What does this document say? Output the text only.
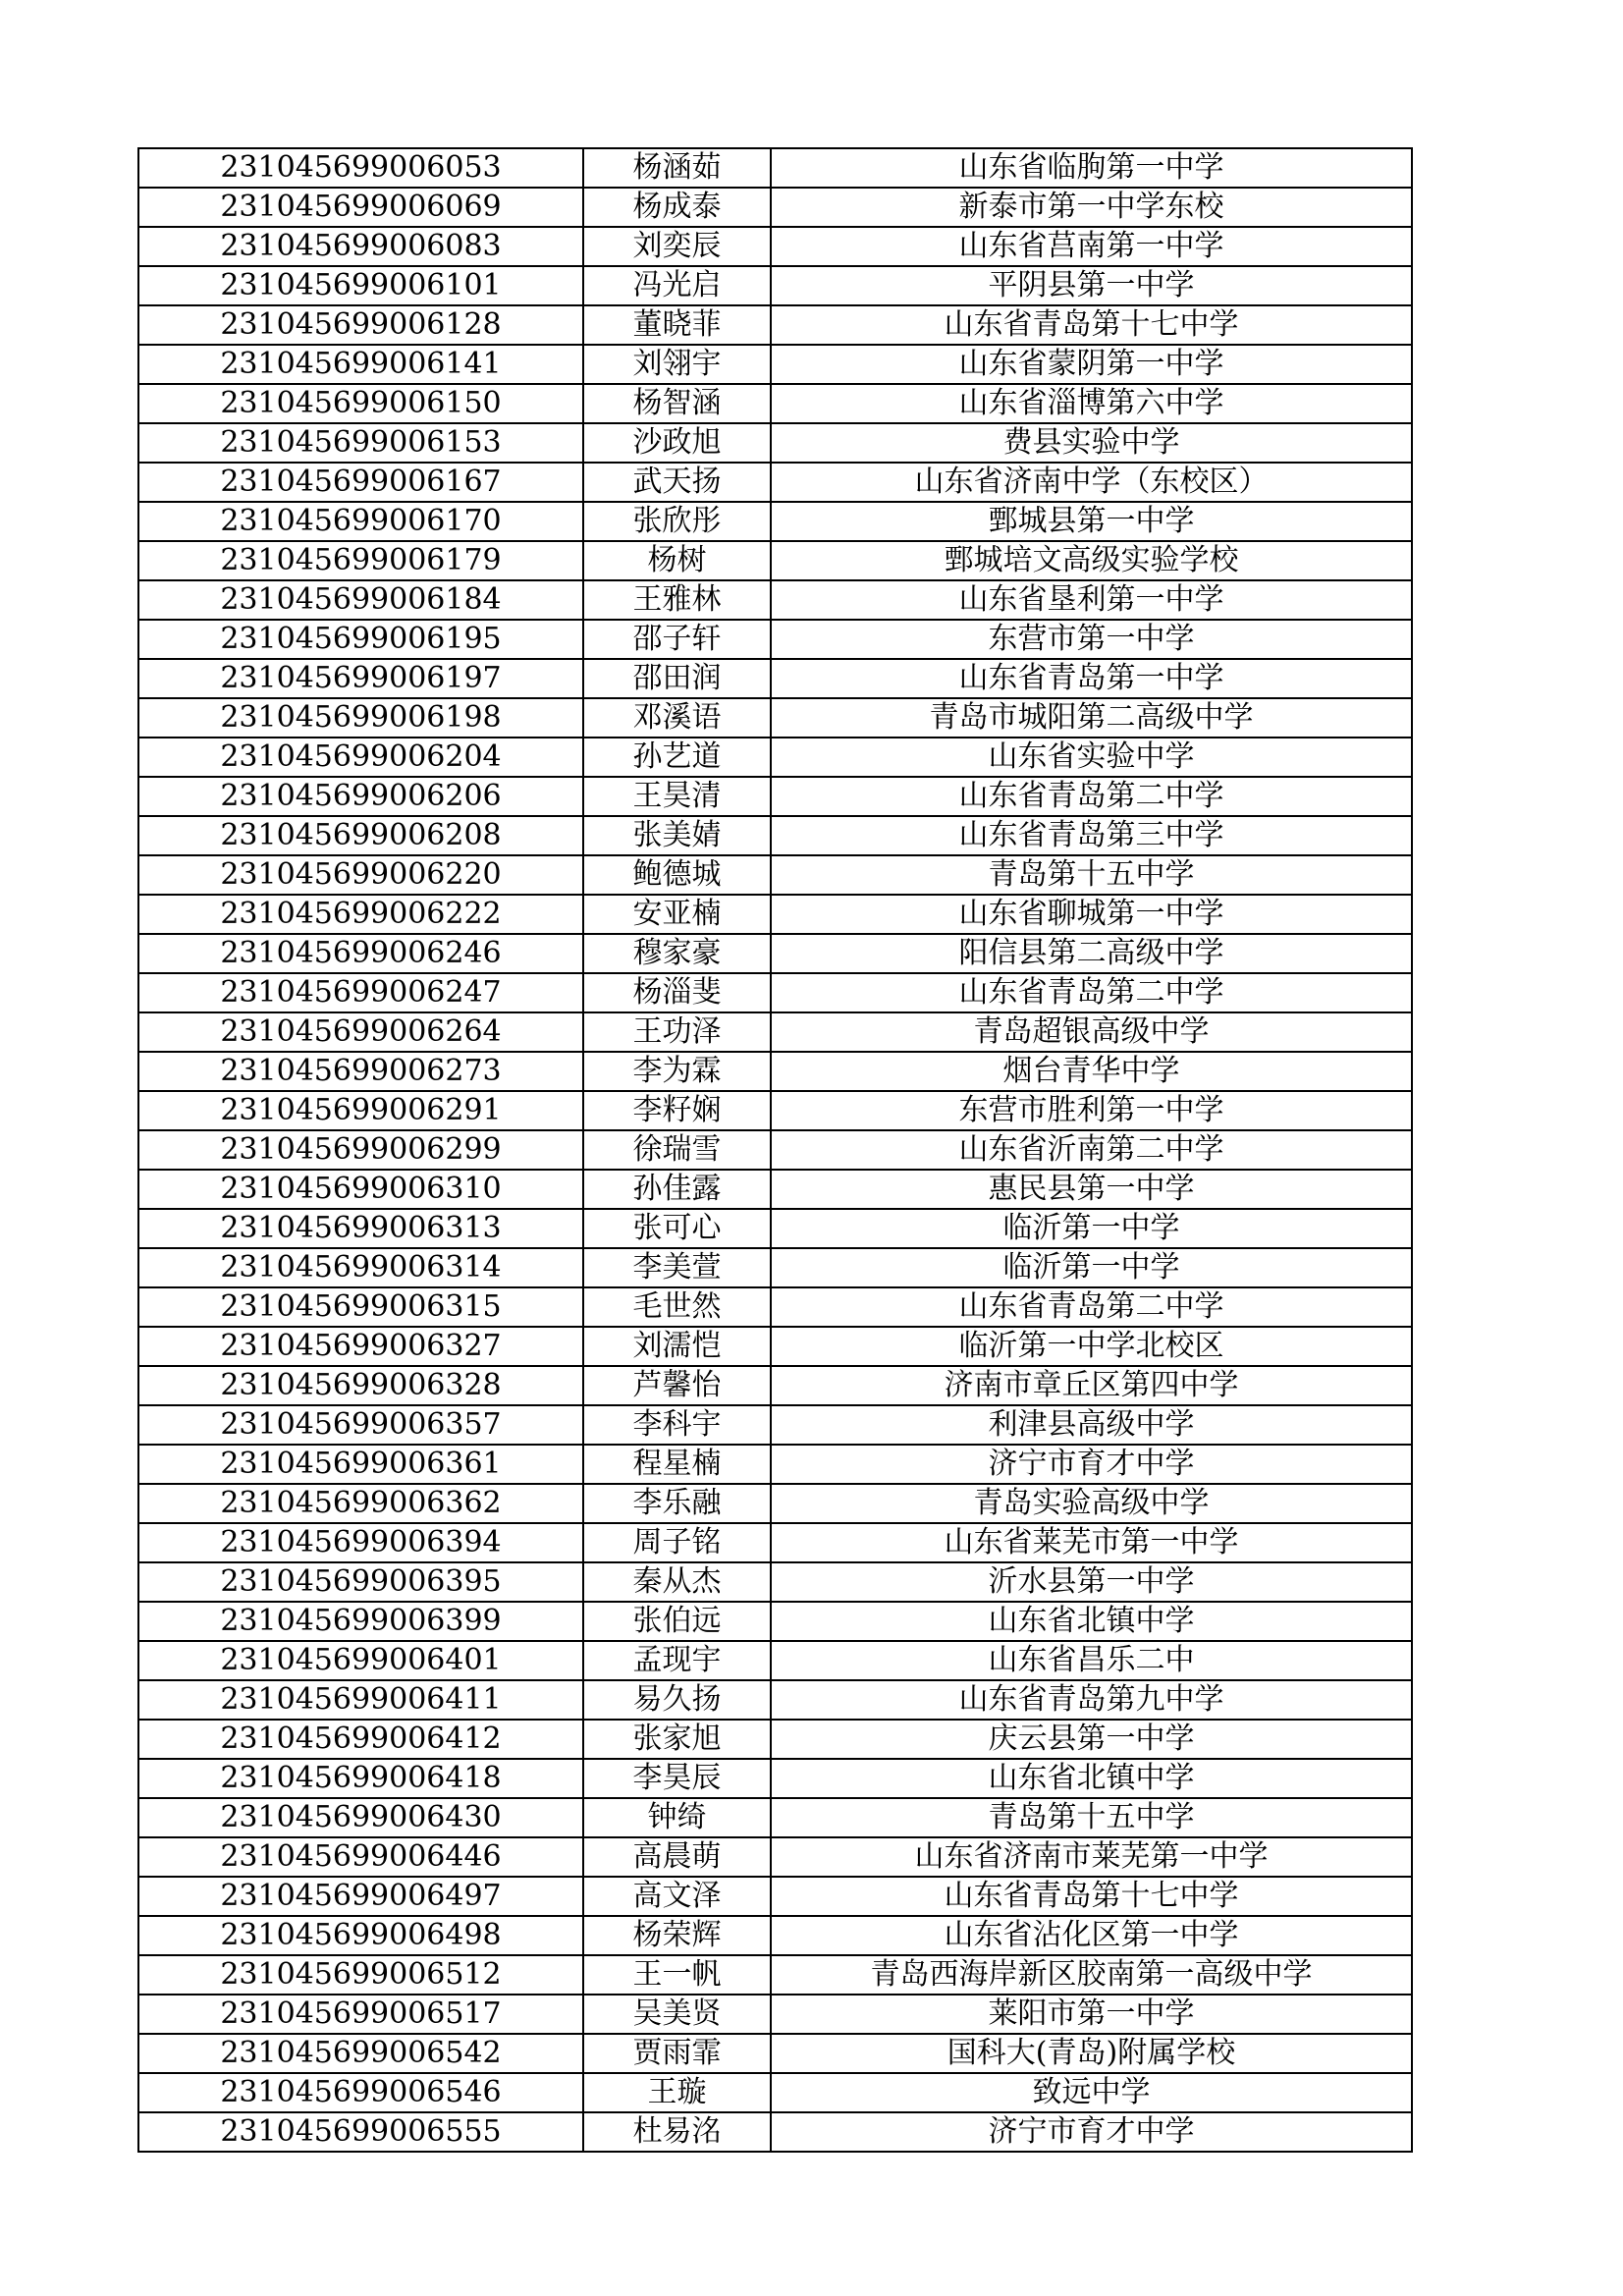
231045699006053	杨涵茹	山东省临朐第一中学
231045699006069	杨成泰	新泰市第一中学东校
231045699006083	刘奕辰	山东省莒南第一中学
231045699006101	冯光启	平阴县第一中学
231045699006128	董晓菲	山东省青岛第十七中学
231045699006141	刘翎宇	山东省蒙阴第一中学
231045699006150	杨智涵	山东省淄博第六中学
231045699006153	沙政旭	费县实验中学
231045699006167	武天扬	山东省济南中学（东校区）
231045699006170	张欣彤	鄄城县第一中学
231045699006179	杨树	鄄城培文高级实验学校
231045699006184	王雅林	山东省垦利第一中学
231045699006195	邵子轩	东营市第一中学
231045699006197	邵田润	山东省青岛第一中学
231045699006198	邓溪语	青岛市城阳第二高级中学
231045699006204	孙艺道	山东省实验中学
231045699006206	王昊清	山东省青岛第二中学
231045699006208	张美婧	山东省青岛第三中学
231045699006220	鲍德城	青岛第十五中学
231045699006222	安亚楠	山东省聊城第一中学
231045699006246	穆家豪	阳信县第二高级中学
231045699006247	杨淄斐	山东省青岛第二中学
231045699006264	王功泽	青岛超银高级中学
231045699006273	李为霖	烟台青华中学
231045699006291	李籽娴	东营市胜利第一中学
231045699006299	徐瑞雪	山东省沂南第二中学
231045699006310	孙佳露	惠民县第一中学
231045699006313	张可心	临沂第一中学
231045699006314	李美萱	临沂第一中学
231045699006315	毛世然	山东省青岛第二中学
231045699006327	刘濡恺	临沂第一中学北校区
231045699006328	芦馨怡	济南市章丘区第四中学
231045699006357	李科宇	利津县高级中学
231045699006361	程星楠	济宁市育才中学
231045699006362	李乐融	青岛实验高级中学
231045699006394	周子铭	山东省莱芜市第一中学
231045699006395	秦从杰	沂水县第一中学
231045699006399	张伯远	山东省北镇中学
231045699006401	孟现宇	山东省昌乐二中
231045699006411	易久扬	山东省青岛第九中学
231045699006412	张家旭	庆云县第一中学
231045699006418	李昊辰	山东省北镇中学
231045699006430	钟绮	青岛第十五中学
231045699006446	高晨萌	山东省济南市莱芜第一中学
231045699006497	高文泽	山东省青岛第十七中学
231045699006498	杨荣辉	山东省沾化区第一中学
231045699006512	王一帆	青岛西海岸新区胶南第一高级中学
231045699006517	吴美贤	莱阳市第一中学
231045699006542	贾雨霏	国科大(青岛)附属学校
231045699006546	王璇	致远中学
231045699006555	杜易洺	济宁市育才中学
